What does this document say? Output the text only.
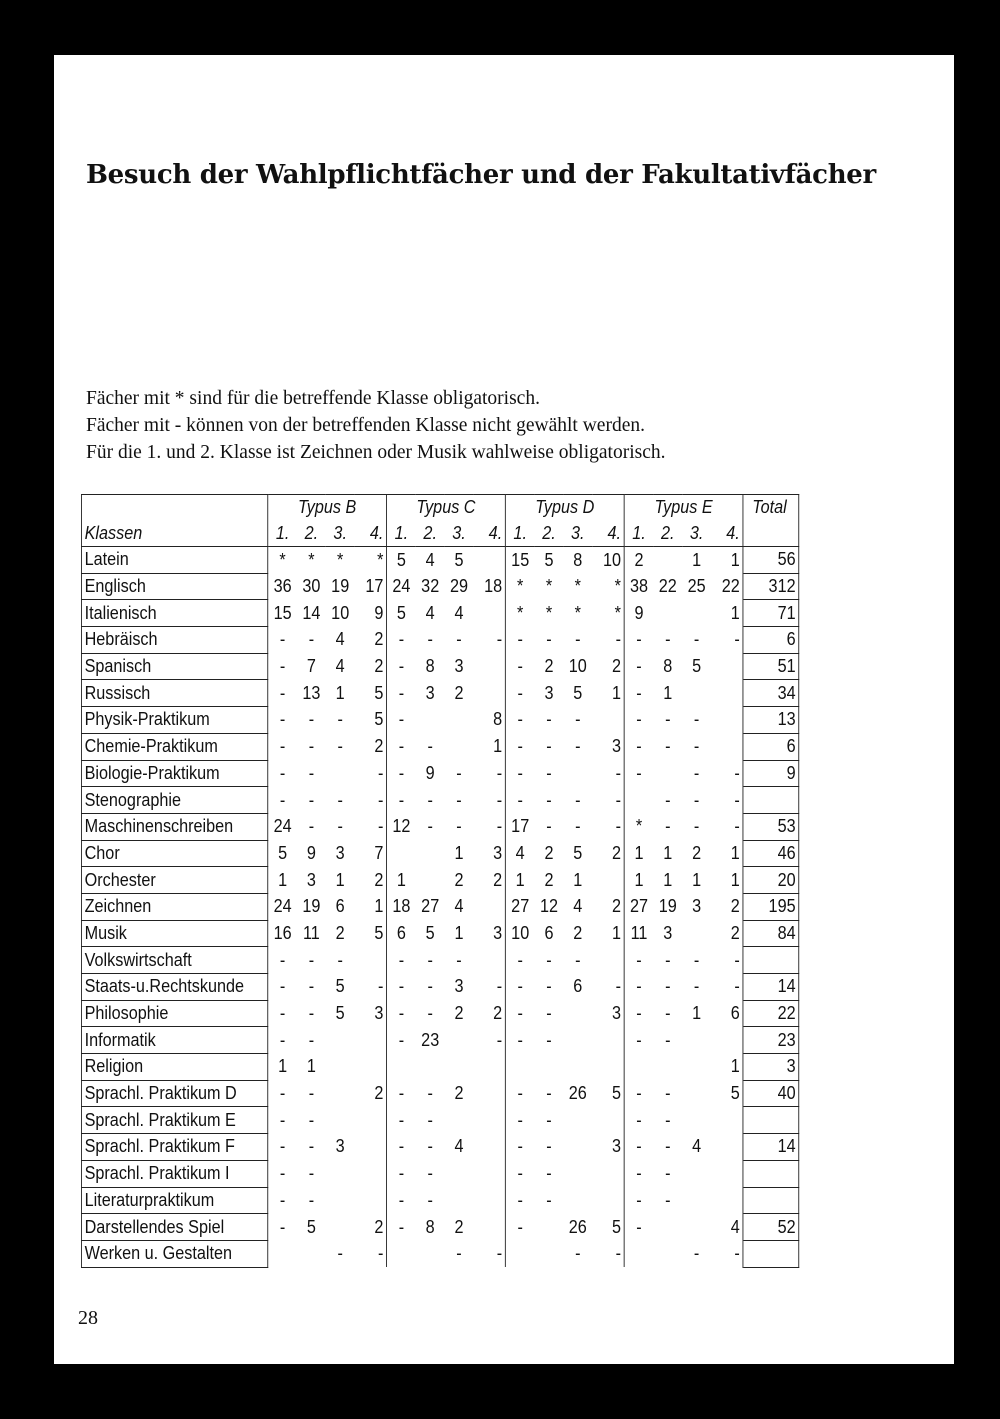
Besuch der Wahlpflichtfächer und der Fakultativfächer
Fächer mit * sind für die betreffende Klasse obligatorisch.
Fächer mit - können von der betreffenden Klasse nicht gewählt werden.
Für die 1. und 2. Klasse ist Zeichnen oder Musik wahlweise obligatorisch.
	Typus B				Typus C				Typus D				Typus E				Total
Klassen	1.	2.	3.	4.	1.	2.	3.	4.	1.	2.	3.	4.	1.	2.	3.	4.	
Latein	*	*	*	*	5	4	5		15	5	8	10	2		1	1	56
Englisch	36	30	19	17	24	32	29	18	*	*	*	*	38	22	25	22	312
Italienisch	15	14	10	9	5	4	4		*	*	*	*	9			1	71
Hebräisch	-	-	4	2	-	-	-	-	-	-	-	-	-	-	-	-	6
Spanisch	-	7	4	2	-	8	3		-	2	10	2	-	8	5		51
Russisch	-	13	1	5	-	3	2		-	3	5	1	-	1			34
Physik-Praktikum	-	-	-	5	-			8	-	-	-		-	-	-		13
Chemie-Praktikum	-	-	-	2	-	-		1	-	-	-	3	-	-	-		6
Biologie-Praktikum	-	-		-	-	9	-	-	-	-		-	-		-	-	9
Stenographie	-	-	-	-	-	-	-	-	-	-	-	-		-	-	-	
Maschinenschreiben	24	-	-	-	12	-	-	-	17	-	-	-	*	-	-	-	53
Chor	5	9	3	7			1	3	4	2	5	2	1	1	2	1	46
Orchester	1	3	1	2	1		2	2	1	2	1		1	1	1	1	20
Zeichnen	24	19	6	1	18	27	4		27	12	4	2	27	19	3	2	195
Musik	16	11	2	5	6	5	1	3	10	6	2	1	11	3		2	84
Volkswirtschaft	-	-	-		-	-	-		-	-	-		-	-	-	-	
Staats-u.Rechtskunde	-	-	5	-	-	-	3	-	-	-	6	-	-	-	-	-	14
Philosophie	-	-	5	3	-	-	2	2	-	-		3	-	-	1	6	22
Informatik	-	-			-	23		-	-	-			-	-			23
Religion	1	1														1	3
Sprachl. Praktikum D	-	-		2	-	-	2		-	-	26	5	-	-		5	40
Sprachl. Praktikum E	-	-			-	-			-	-			-	-			
Sprachl. Praktikum F	-	-	3		-	-	4		-	-		3	-	-	4		14
Sprachl. Praktikum I	-	-			-	-			-	-			-	-			
Literaturpraktikum	-	-			-	-			-	-			-	-			
Darstellendes Spiel	-	5		2	-	8	2		-		26	5	-			4	52
Werken u. Gestalten			-	-			-	-			-	-			-	-	
28
